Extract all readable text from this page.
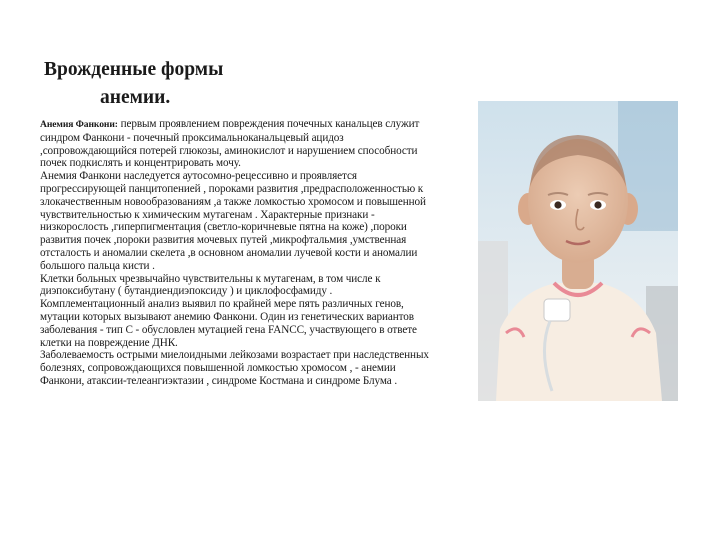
Врожденные формы
анемии.

Анемия Фанкони: первым проявлением повреждения почечных канальцев служит синдром Фанкони - почечный проксимальноканальцевый ацидоз ,сопровождающийся потерей глюкозы, аминокислот и нарушением способности почек подкислять и концентрировать мочу.

Анемия Фанкони наследуется аутосомно-рецессивно и проявляется прогрессирующей панцитопенией , пороками развития ,предрасположенностью к злокачественным новообразованиям ,а также ломкостью хромосом и повышенной чувствительностью к химическим мутагенам . Характерные признаки - низкорослость ,гиперпигментация (светло-коричневые пятна на коже) ,пороки развития почек ,пороки развития мочевых путей ,микрофтальмия ,умственная отсталость и аномалии скелета ,в основном аномалии лучевой кости и аномалии большого пальца кисти .

Клетки больных чрезвычайно чувствительны к мутагенам, в том числе к диэпоксибутану ( бутандиендиэпоксиду ) и циклофосфамиду .

Комплементационный анализ выявил по крайней мере пять различных генов, мутации которых вызывают анемию Фанкони. Один из генетических вариантов заболевания - тип С - обусловлен мутацией гена FANCC, участвующего в ответе клетки на повреждение ДНК.

Заболеваемость острыми миелоидными лейкозами возрастает при наследственных болезнях, сопровождающихся повышенной ломкостью хромосом , - анемии Фанкони, атаксии-телеангиэктазии , синдроме Костмана и синдроме Блума .
